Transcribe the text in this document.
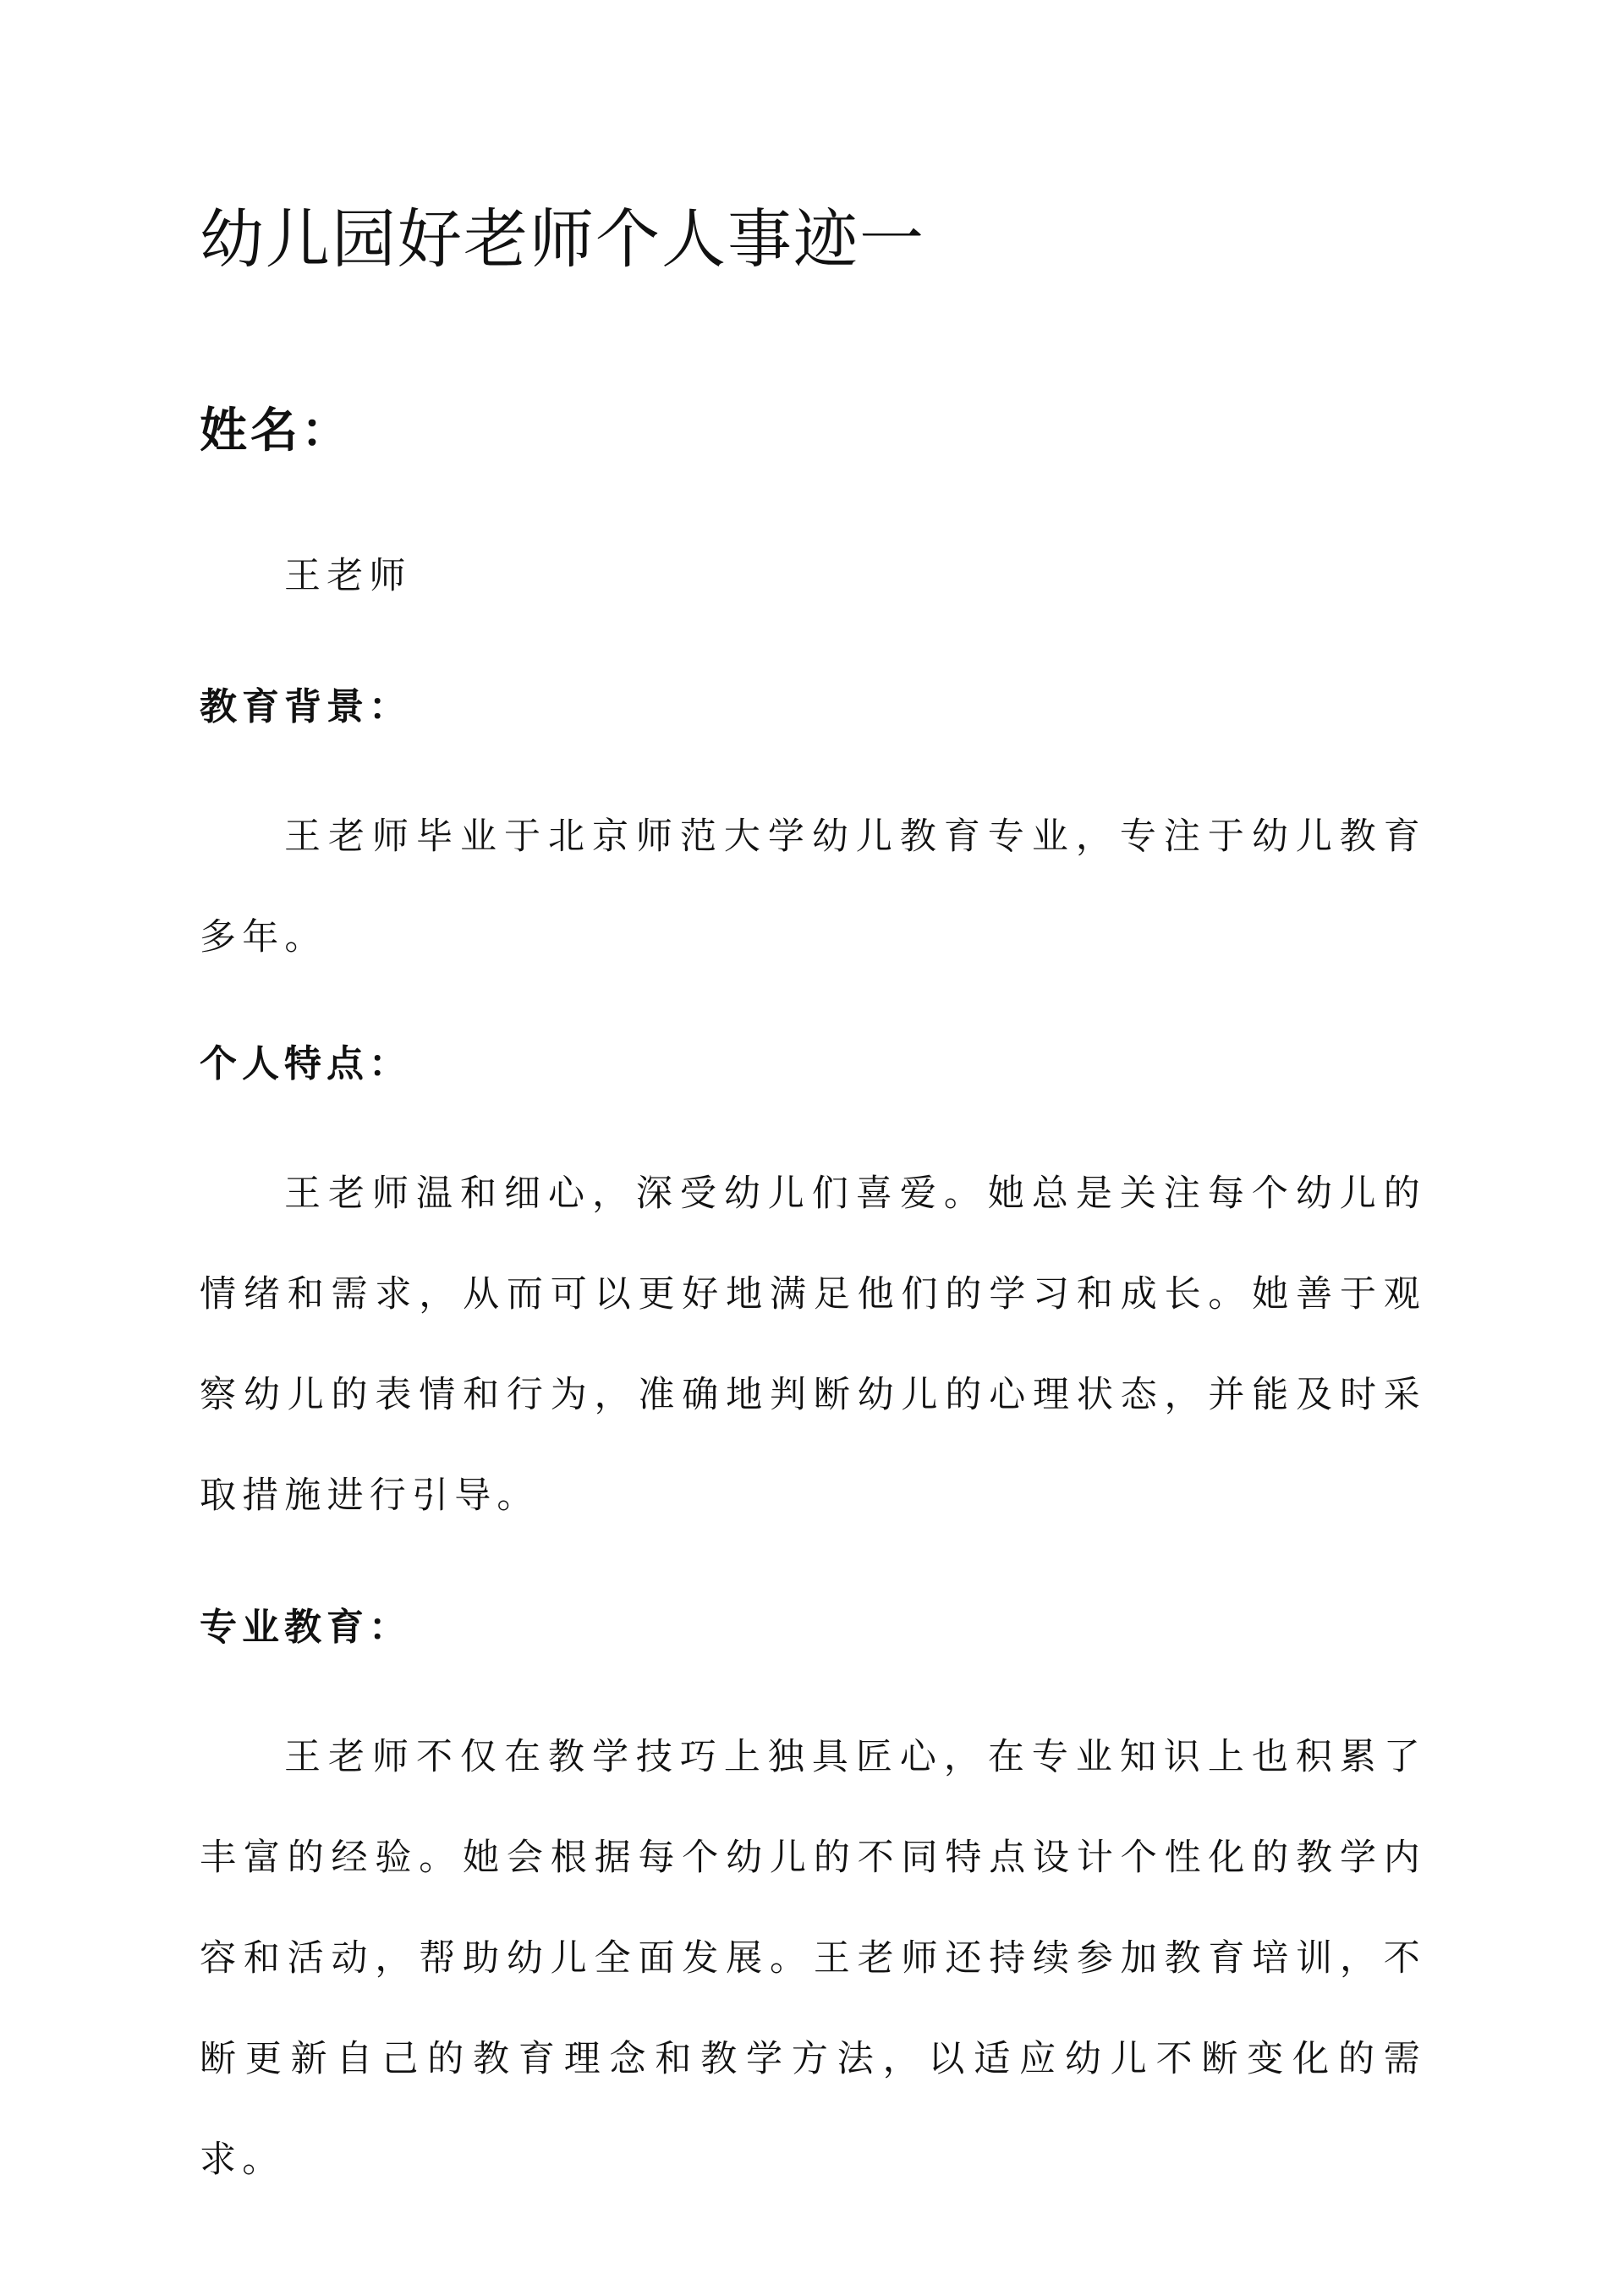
幼儿园好老师个人事迹一
姓名：

王老师

教育背景：

王老师毕业于北京师范大学幼儿教育专业，专注于幼儿教育多年。

个人特点：

王老师温和细心，深受幼儿们喜爱。她总是关注每个幼儿的情绪和需求，从而可以更好地满足他们的学习和成长。她善于观察幼儿的表情和行为，准确地判断幼儿的心理状态，并能及时采取措施进行引导。

专业教育：

王老师不仅在教学技巧上独具匠心，在专业知识上也积累了丰富的经验。她会根据每个幼儿的不同特点设计个性化的教学内容和活动，帮助幼儿全面发展。王老师还持续参加教育培训，不断更新自己的教育理念和教学方法，以适应幼儿不断变化的需求。
